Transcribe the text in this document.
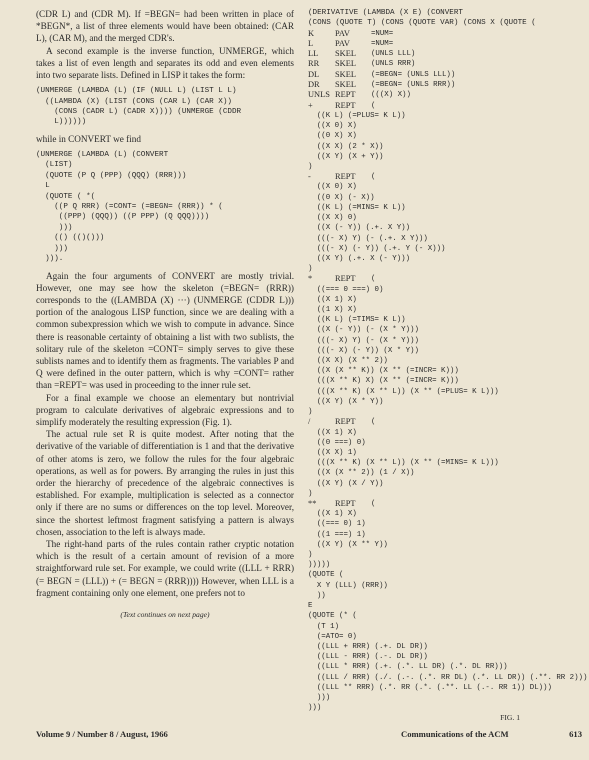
(CDR L) and (CDR M). If =BEGN= had been written in place of *BEGN*, a list of three elements would have been obtained: (CAR L), (CAR M), and the merged CDR's.

A second example is the inverse function, UNMERGE, which takes a list of even length and separates its odd and even elements into two separate lists. Defined in LISP it takes the form:

(UNMERGE (LAMBDA (L) (IF (NULL L) (LIST L L)
((LAMBDA (X) (LIST (CONS (CAR L) (CAR X))
(CONS (CADR L) (CADR X)))) (UNMERGE (CDDR
L))))))

while in CONVERT we find

(UNMERGE (LAMBDA (L) (CONVERT
(LIST)
(QUOTE (P Q (PPP) (QQQ) (RRR)))
L
(QUOTE ( *(
((P Q RRR) (=CONT= (=BEGN= (RRR)) * (
((PPP) (QQQ)) ((P PPP) (Q QQQ))))
)))
(() (()()))
)))
))).

Again the four arguments of CONVERT are mostly trivial. However, one may see how the skeleton (=BEGN= (RRR)) corresponds to the ((LAMBDA (X) ···) (UNMERGE (CDDR L))) portion of the analogous LISP function, since we are dealing with a common subexpression which we wish to compute in advance. Since there is reasonable certainty of obtaining a list with two sublists, the solitary rule of the skeleton =CONT= simply serves to give these sublists names and to identify them as fragments. The variables P and Q were defined in the outer pattern, which is why =CONT= rather than =REPT= was used in proceeding to the inner rule set.

For a final example we choose an elementary but nontrivial program to calculate derivatives of algebraic expressions and to simplify moderately the resulting expression (Fig. 1).

The actual rule set R is quite modest. After noting that the derivative of the variable of differentiation is 1 and that the derivative of other atoms is zero, we follow the rules for the four algebraic operations, as well as for powers. By arranging the rules in just this order the hierarchy of precedence of the algebraic connectives is established. For example, multiplication is selected as a connector only if there are no sums or differences on the top level. Moreover, since the shortest leftmost fragment satisfying a pattern is always chosen, association to the left is always made.

The right-hand parts of the rules contain rather cryptic notation which is the result of a certain amount of revision of a more straightforward rule set. For example, we could write ((LLL + RRR) (= BEGN = (LLL)) + (= BEGN = (RRR)))) However, when LLL is a fragment containing only one element, one prefers not to

(Text continues on next page)
(DERIVATIVE (LAMBDA (X E) (CONVERT
(CONS (QUOTE T) (CONS (QUOTE VAR) (CONS X (QUOTE (
K	PAV	=NUM=
L	PAV	=NUM=
LL	SKEL	(UNLS LLL)
RR	SKEL	(UNLS RRR)
DL	SKEL	(=BEGN= (UNLS LLL))
DR	SKEL	(=BEGN= (UNLS RRR))
UNLS REPT	(((X) X))
+	REPT	(
((K L) (=PLUS= K L))
((X 0) X)
((0 X) X)
((X X) (2 * X))
((X Y) (X + Y))
)
-	REPT	(
((X 0) X)
((0 X) (- X))
((K L) (=MINS= K L))
((X X) 0)
((X (- Y)) (.+. X Y))
(((- X) Y) (- (.+. X Y)))
(((- X) (- Y)) (.+. Y (- X)))
((X Y) (.+. X (- Y)))
)
*	REPT	(
((=== 0 ===) 0)
((X 1) X)
((1 X) X)
((K L) (=TIMS= K L))
((X (- Y)) (- (X * Y)))
(((- X) Y) (- (X * Y)))
(((- X) (- Y)) (X * Y))
((X X) (X ** 2))
((X (X ** K)) (X ** (=INCR= K)))
(((X ** K) X) (X ** (=INCR= K)))
(((X ** K) (X ** L)) (X ** (=PLUS= K L)))
((X Y) (X * Y))
)
/	REPT	(
((X 1) X)
((0 ===) 0)
((X X) 1)
(((X ** K) (X ** L)) (X ** (=MINS= K L)))
((X (X ** 2)) (1 / X))
((X Y) (X / Y))
)
**	REPT	(
((X 1) X)
((=== 0) 1)
((1 ===) 1)
((X Y) (X ** Y))
)
)))))
(QUOTE (
X Y (LLL) (RRR))
))
E
(QUOTE (* (
(T 1)
(=ATO= 0)
((LLL + RRR) (.+. DL DR))
((LLL - RRR) (.-. DL DR))
((LLL * RRR) (.+. (.*. LL DR) (.*. DL RR)))
((LLL / RRR) (./. (.-. (.*. RR DL) (.*. LL DR)) (.**. RR 2)))
((LLL ** RRR) (.*. RR (.*. (.**. LL (.-. RR 1)) DL)))
)))
)))
FIG. 1
Volume 9 / Number 8 / August, 1966	Communications of the ACM	613
